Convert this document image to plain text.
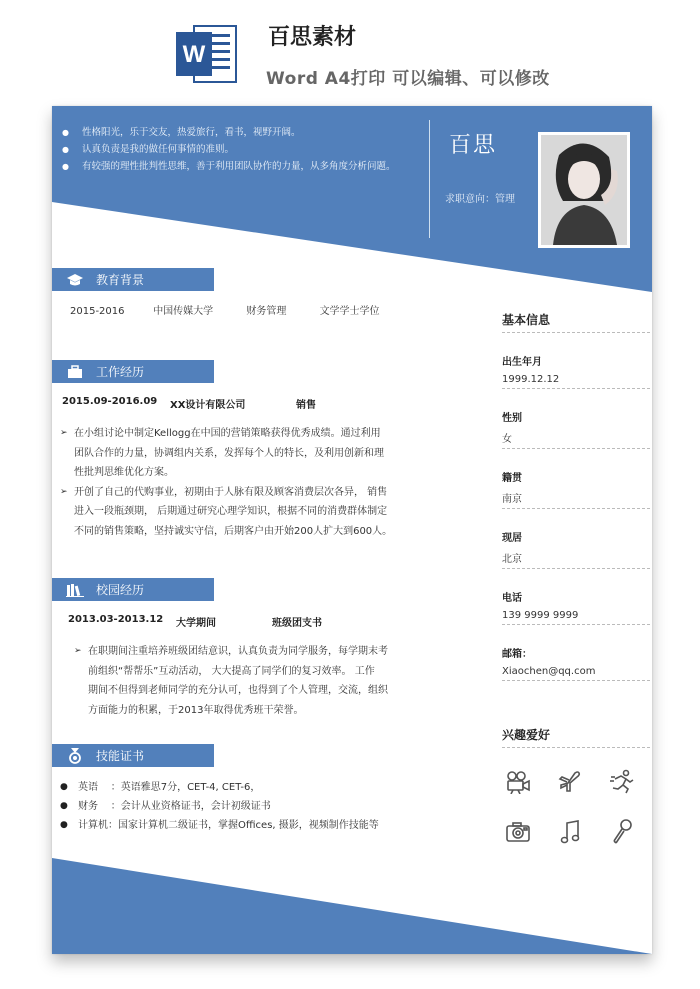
W
百思素材
Word A4打印 可以编辑、可以修改
● 性格阳光，乐于交友，热爱旅行，看书，视野开阔。
● 认真负责是我的做任何事情的准则。
● 有较强的理性批判性思维，善于利用团队协作的力量，从多角度分析问题。
百思
求职意向：管理
教育背景
2015-2016	中国传媒大学	财务管理	文学学士学位
工作经历
2015.09-2016.09 XX设计有限公司	销售
➢ 在小组讨论中制定Kellogg在中国的营销策略获得优秀成绩。通过利用
团队合作的力量，协调组内关系，发挥每个人的特长，及利用创新和理
性批判思维优化方案。
➢ 开创了自己的代购事业，初期由于人脉有限及顾客消费层次各异， 销售
进入一段瓶颈期， 后期通过研究心理学知识，根据不同的消费群体制定
不同的销售策略，坚持诚实守信，后期客户由开始200人扩大到600人。
校园经历
2013.03-2013.12 大学期间	班级团支书
➢ 在职期间注重培养班级团结意识，认真负责为同学服务，每学期末考
前组织“帮帮乐”互动活动， 大大提高了同学们的复习效率。 工作
期间不但得到老师同学的充分认可，也得到了个人管理，交流，组织
方面能力的积累，于2013年取得优秀班干荣誉。
技能证书
● 英语    ：英语雅思7分，CET-4, CET-6，
● 财务    ：会计从业资格证书，会计初级证书
● 计算机：国家计算机二级证书，掌握Offices, 摄影，视频制作技能等
基本信息
出生年月
1999.12.12
性别
女
籍贯
南京
现居
北京
电话
139 9999 9999
邮箱：
Xiaochen@qq.com
兴趣爱好
